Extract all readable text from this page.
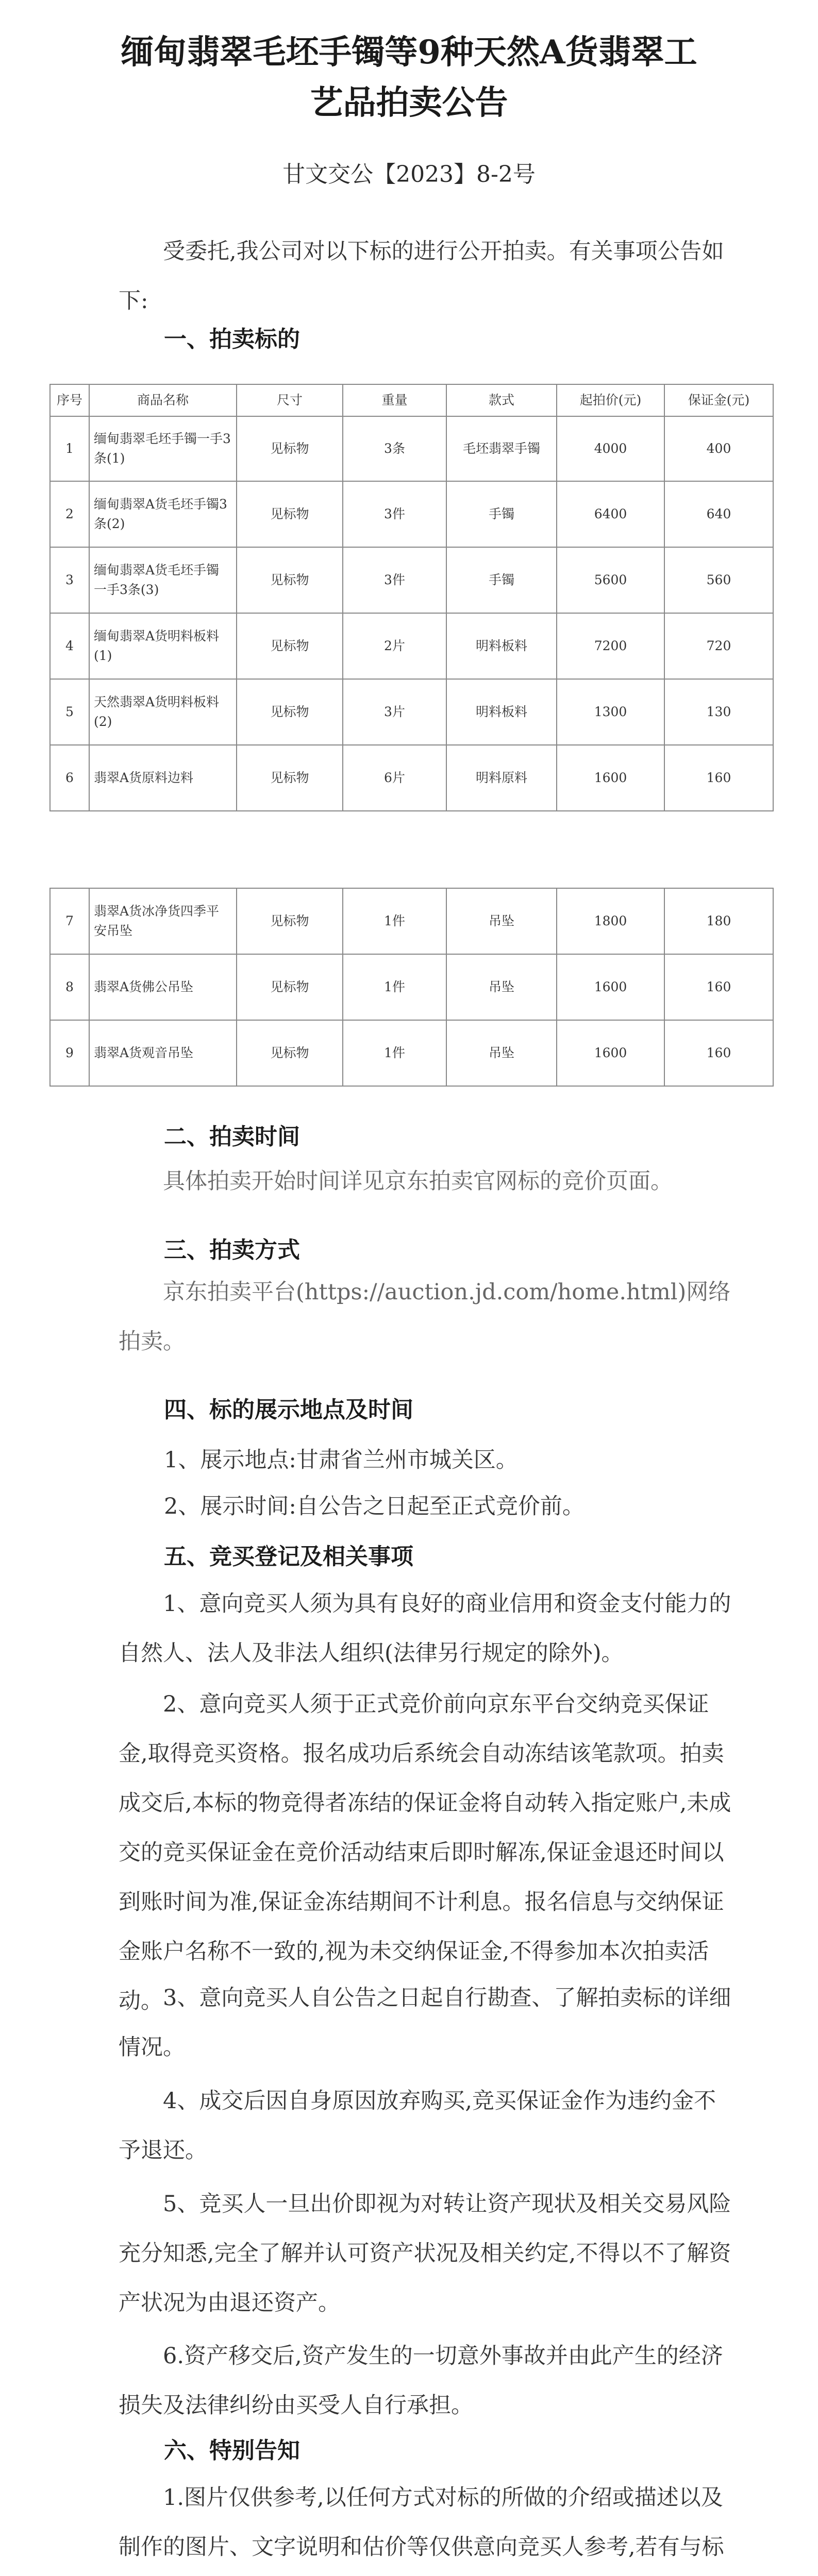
缅甸翡翠毛坯手镯等9种天然A货翡翠工
艺品拍卖公告
甘文交公【2023】8-2号

受委托,我公司对以下标的进行公开拍卖。有关事项公告如下:

一、拍卖标的
序号	商品名称	尺寸	重量	款式	起拍价(元)	保证金(元)
1	缅甸翡翠毛坯手镯一手3条(1)	见标物	3条	毛坯翡翠手镯	4000	400
2	缅甸翡翠A货毛坯手镯3条(2)	见标物	3件	手镯	6400	640
3	缅甸翡翠A货毛坯手镯一手3条(3)	见标物	3件	手镯	5600	560
4	缅甸翡翠A货明料板料(1)	见标物	2片	明料板料	7200	720
5	天然翡翠A货明料板料(2)	见标物	3片	明料板料	1300	130
6	翡翠A货原料边料	见标物	6片	明料原料	1600	160
7	翡翠A货冰净货四季平安吊坠	见标物	1件	吊坠	1800	180
8	翡翠A货佛公吊坠	见标物	1件	吊坠	1600	160
9	翡翠A货观音吊坠	见标物	1件	吊坠	1600	160
二、拍卖时间

具体拍卖开始时间详见京东拍卖官网标的竞价页面。

三、拍卖方式

京东拍卖平台(https://auction.jd.com/home.html)网络拍卖。

四、标的展示地点及时间
1、展示地点:甘肃省兰州市城关区。
2、展示时间:自公告之日起至正式竞价前。
五、竞买登记及相关事项

1、意向竞买人须为具有良好的商业信用和资金支付能力的自然人、法人及非法人组织(法律另行规定的除外)。

2、意向竞买人须于正式竞价前向京东平台交纳竞买保证金,取得竞买资格。报名成功后系统会自动冻结该笔款项。拍卖成交后,本标的物竞得者冻结的保证金将自动转入指定账户,未成交的竞买保证金在竞价活动结束后即时解冻,保证金退还时间以到账时间为准,保证金冻结期间不计利息。报名信息与交纳保证金账户名称不一致的,视为未交纳保证金,不得参加本次拍卖活动。 3、意向竞买人自公告之日起自行勘查、了解拍卖标的详细情况。

4、成交后因自身原因放弃购买,竞买保证金作为违约金不予退还。

5、竞买人一旦出价即视为对转让资产现状及相关交易风险充分知悉,完全了解并认可资产状况及相关约定,不得以不了解资产状况为由退还资产。

6.资产移交后,资产发生的一切意外事故并由此产生的经济损失及法律纠纷由买受人自行承担。

六、特别告知

1.图片仅供参考,以任何方式对标的所做的介绍或描述以及制作的图片、文字说明和估价等仅供意向竞买人参考,若有与标
